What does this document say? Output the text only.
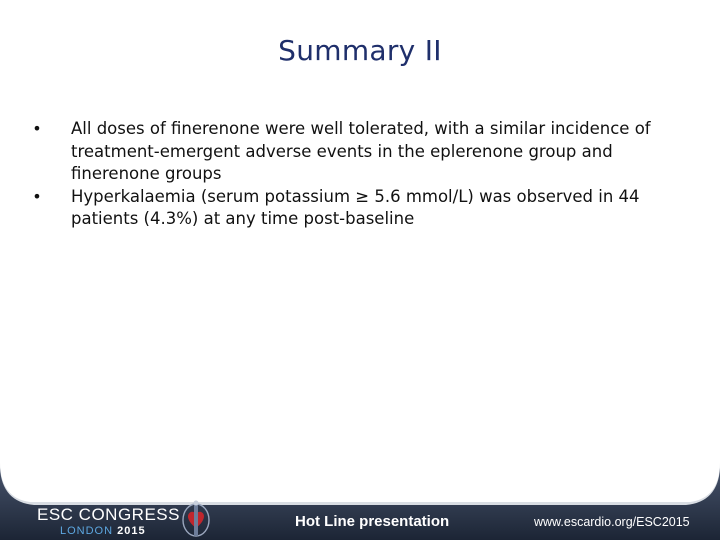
Summary II
• All doses of finerenone were well tolerated, with a similar incidence of treatment-emergent adverse events in the eplerenone group and finerenone groups
• Hyperkalaemia (serum potassium ≥ 5.6 mmol/L) was observed in 44 patients (4.3%) at any time post-baseline
ESC CONGRESS
LONDON 2015
Hot Line presentation	www.escardio.org/ESC2015
